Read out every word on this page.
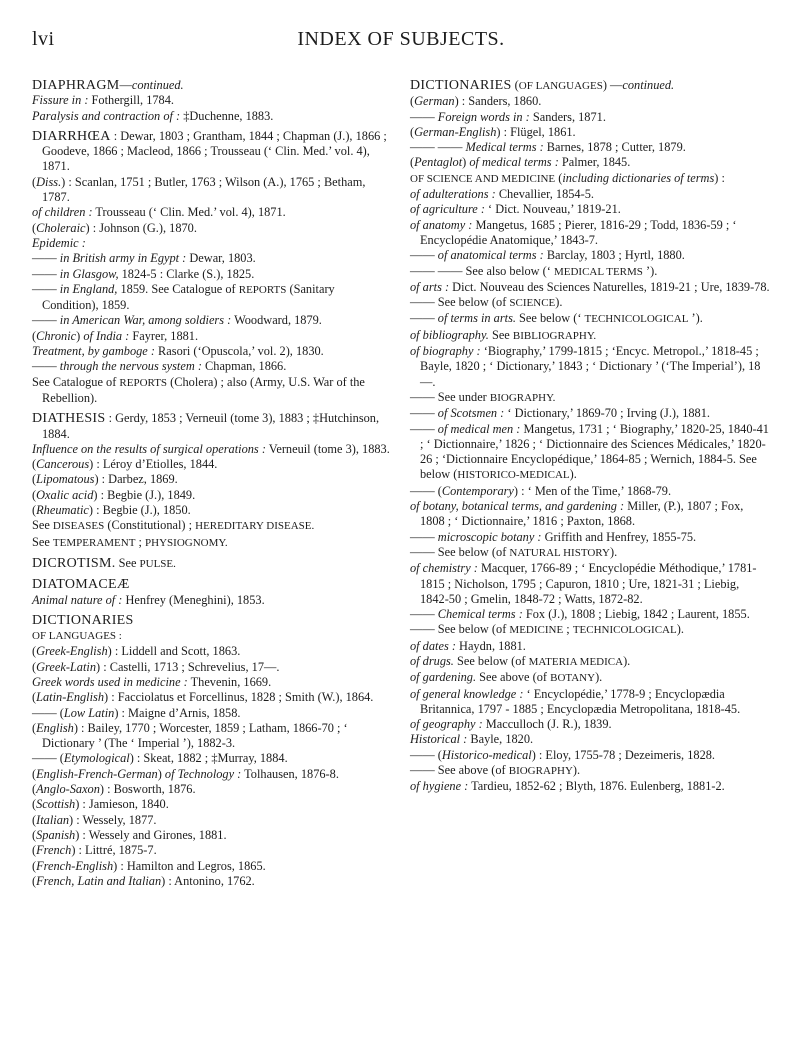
lvi	INDEX OF SUBJECTS.

DIAPHRAGM—continued.

Fissure in : Fothergill, 1784.

Paralysis and contraction of : ‡Duchenne, 1883.

DIARRHŒA : Dewar, 1803 ; Grantham, 1844 ; Chapman (J.), 1866 ; Goodeve, 1866 ; Macleod, 1866 ; Trousseau (‘ Clin. Med.’ vol. 4), 1871.

(Diss.) : Scanlan, 1751 ; Butler, 1763 ; Wilson (A.), 1765 ; Betham, 1787.

of children : Trousseau (‘ Clin. Med.’ vol. 4), 1871.

(Choleraic) : Johnson (G.), 1870.

Epidemic :

—— in British army in Egypt : Dewar, 1803.

—— in Glasgow, 1824-5 : Clarke (S.), 1825.

—— in England, 1859. See Catalogue of REPORTS (Sanitary Condition), 1859.

—— in American War, among soldiers : Woodward, 1879.

(Chronic) of India : Fayrer, 1881.

Treatment, by gamboge : Rasori (‘Opuscola,’ vol. 2), 1830.

—— through the nervous system : Chapman, 1866.

See Catalogue of REPORTS (Cholera) ; also (Army, U.S. War of the Rebellion).

DIATHESIS : Gerdy, 1853 ; Verneuil (tome 3), 1883 ; ‡Hutchinson, 1884.

Influence on the results of surgical operations : Verneuil (tome 3), 1883.

(Cancerous) : Léroy d’Etiolles, 1844.

(Lipomatous) : Darbez, 1869.

(Oxalic acid) : Begbie (J.), 1849.

(Rheumatic) : Begbie (J.), 1850.

See DISEASES (Constitutional) ; HEREDITARY DISEASE.

See TEMPERAMENT ; PHYSIOGNOMY.

DICROTISM. See PULSE.

DIATOMACEÆ

Animal nature of : Henfrey (Meneghini), 1853.

DICTIONARIES

OF LANGUAGES :

(Greek-English) : Liddell and Scott, 1863.

(Greek-Latin) : Castelli, 1713 ; Schrevelius, 17—.

Greek words used in medicine : Thevenin, 1669.

(Latin-English) : Facciolatus et Forcellinus, 1828 ; Smith (W.), 1864.

—— (Low Latin) : Maigne d’Arnis, 1858.

(English) : Bailey, 1770 ; Worcester, 1859 ; Latham, 1866-70 ; ‘ Dictionary ’ (The ‘ Imperial ’), 1882-3.

—— (Etymological) : Skeat, 1882 ; ‡Murray, 1884.

(English-French-German) of Technology : Tolhausen, 1876-8.

(Anglo-Saxon) : Bosworth, 1876.

(Scottish) : Jamieson, 1840.

(Italian) : Wessely, 1877.

(Spanish) : Wessely and Girones, 1881.

(French) : Littré, 1875-7.

(French-English) : Hamilton and Legros, 1865.

(French, Latin and Italian) : Antonino, 1762.

DICTIONARIES (OF LANGUAGES) —continued.

(German) : Sanders, 1860.

—— Foreign words in : Sanders, 1871.

(German-English) : Flügel, 1861.

—— —— Medical terms : Barnes, 1878 ; Cutter, 1879.

(Pentaglot) of medical terms : Palmer, 1845.

OF SCIENCE AND MEDICINE (including dictionaries of terms) :

of adulterations : Chevallier, 1854-5.

of agriculture : ‘ Dict. Nouveau,’ 1819-21.

of anatomy : Mangetus, 1685 ; Pierer, 1816-29 ; Todd, 1836-59 ; ‘ Encyclopédie Anatomique,’ 1843-7.

—— of anatomical terms : Barclay, 1803 ; Hyrtl, 1880.

—— —— See also below (‘ MEDICAL TERMS ’).

of arts : Dict. Nouveau des Sciences Naturelles, 1819-21 ; Ure, 1839-78.

—— See below (of SCIENCE).

—— of terms in arts. See below (‘ TECHNICOLOGICAL ’).

of bibliography. See BIBLIOGRAPHY.

of biography : ‘Biography,’ 1799-1815 ; ‘Encyc. Metropol.,’ 1818-45 ; Bayle, 1820 ; ‘ Dictionary,’ 1843 ; ‘ Dictionary ’ (‘The Imperial’), 18—.

—— See under BIOGRAPHY.

—— of Scotsmen : ‘ Dictionary,’ 1869-70 ; Irving (J.), 1881.

—— of medical men : Mangetus, 1731 ; ‘ Biography,’ 1820-25, 1840-41 ; ‘ Dictionnaire,’ 1826 ; ‘ Dictionnaire des Sciences Médicales,’ 1820-26 ; ‘Dictionnaire Encyclopédique,’ 1864-85 ; Wernich, 1884-5. See below (HISTORICO-MEDICAL).

—— (Contemporary) : ‘ Men of the Time,’ 1868-79.

of botany, botanical terms, and gardening : Miller, (P.), 1807 ; Fox, 1808 ; ‘ Dictionnaire,’ 1816 ; Paxton, 1868.

—— microscopic botany : Griffith and Henfrey, 1855-75.

—— See below (of NATURAL HISTORY).

of chemistry : Macquer, 1766-89 ; ‘ Encyclopédie Méthodique,’ 1781-1815 ; Nicholson, 1795 ; Capuron, 1810 ; Ure, 1821-31 ; Liebig, 1842-50 ; Gmelin, 1848-72 ; Watts, 1872-82.

—— Chemical terms : Fox (J.), 1808 ; Liebig, 1842 ; Laurent, 1855.

—— See below (of MEDICINE ; TECHNICOLOGICAL).

of dates : Haydn, 1881.

of drugs. See below (of MATERIA MEDICA).

of gardening. See above (of BOTANY).

of general knowledge : ‘ Encyclopédie,’ 1778-9 ; Encyclopædia Britannica, 1797 - 1885 ; Encyclopædia Metropolitana, 1818-45.

of geography : Macculloch (J. R.), 1839.

Historical : Bayle, 1820.

—— (Historico-medical) : Eloy, 1755-78 ; Dezeimeris, 1828.

—— See above (of BIOGRAPHY).

of hygiene : Tardieu, 1852-62 ; Blyth, 1876. Eulenberg, 1881-2.
